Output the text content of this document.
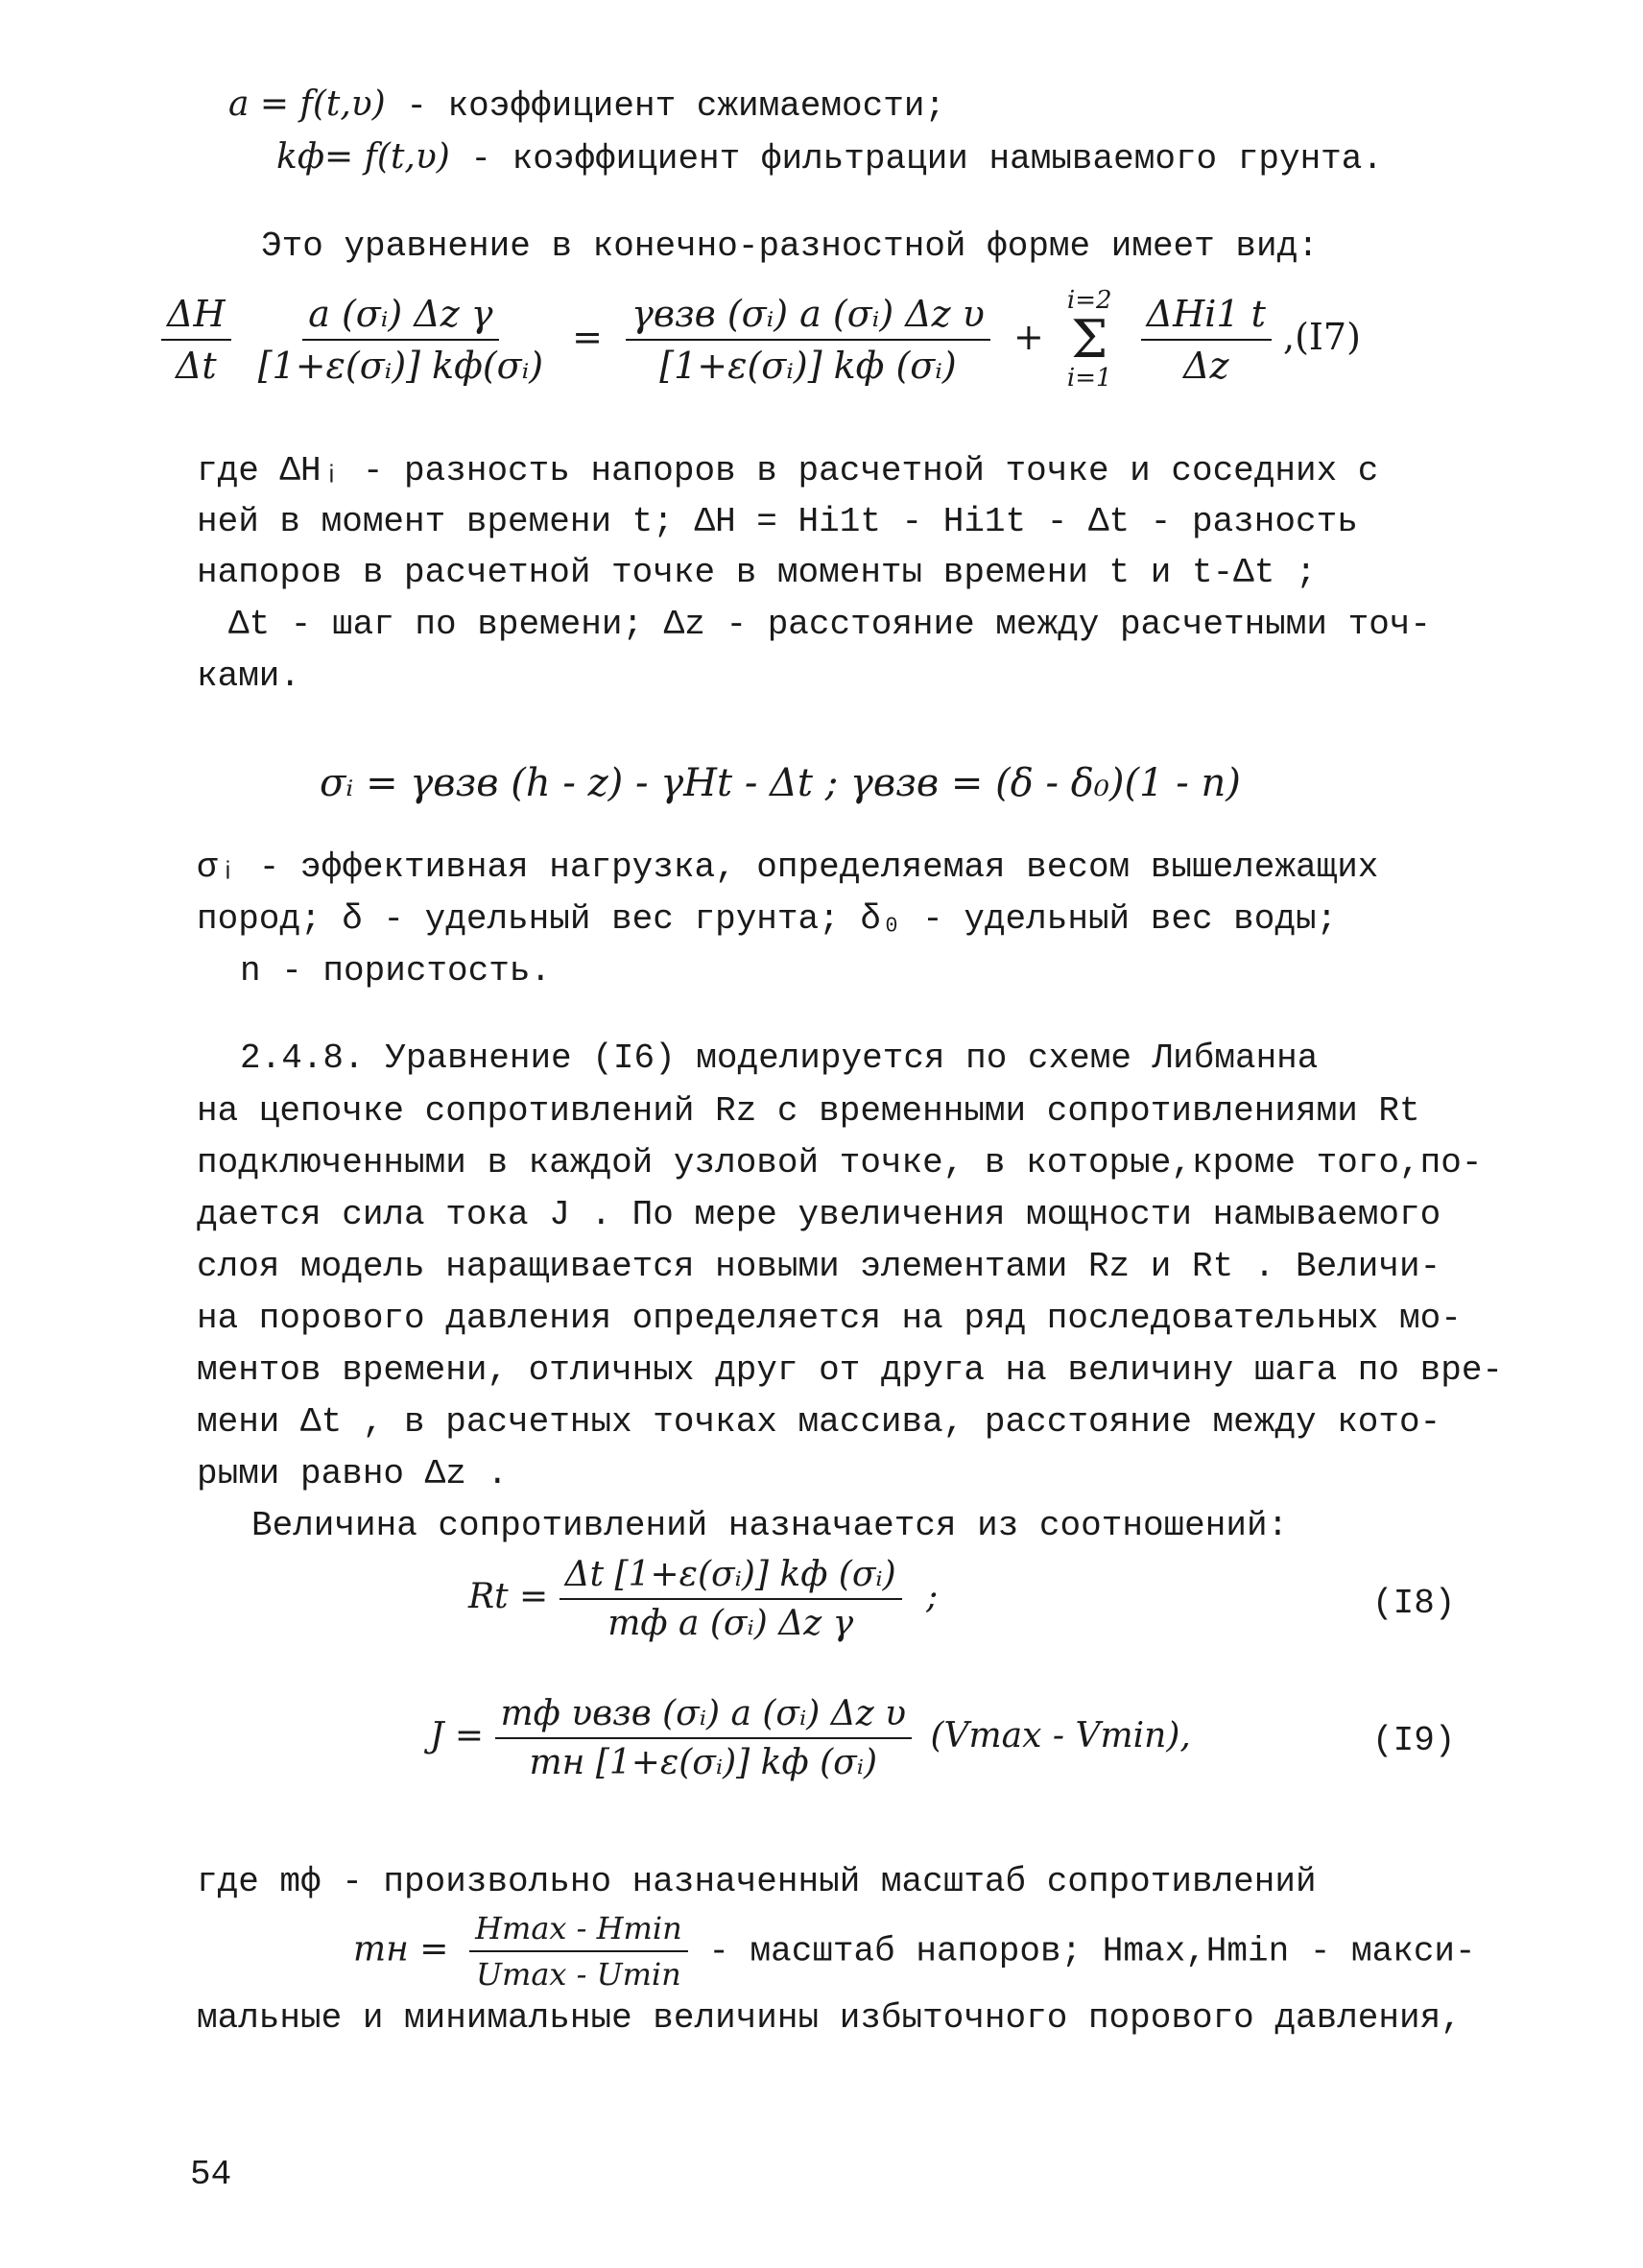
a = f(t,υ) - коэффициент сжимаемости;
kф= f(t,υ) - коэффициент фильтрации намываемого грунта.
Это уравнение в конечно-разностной форме имеет вид:
$\frac{\Delta H}{\Delta t}$
$\frac{\text{a (σᵢ) Δz γ}}{\text{[1+ε(σᵢ)] kф(σᵢ)}} = \frac{\text{γвзв (σᵢ) a (σᵢ) Δz υ}}{\text{[1+ε(σᵢ)] kф (σᵢ)}}$ +
i=2
Σ
i=1
$\frac{\text{ΔHi1 t}}{\Delta z} ,(I7)$
где ΔHᵢ - разность напоров в расчетной точке и соседних с
ней в момент времени t; ΔH = Hi1t - Hi1t - Δt - разность
напоров в расчетной точке в моменты времени t и t-Δt ;
Δt - шаг по времени; Δz - расстояние между расчетными точ-
ками.
σᵢ = γвзв (h - z) - γHt - Δt ; γвзв = (δ - δ₀)(1 - n)
σᵢ - эффективная нагрузка, определяемая весом вышележащих
пород; δ - удельный вес грунта; δ₀ - удельный вес воды;
n - пористость.
2.4.8. Уравнение (I6) моделируется по схеме Либманна
на цепочке сопротивлений Rz с временными сопротивлениями Rt
подключенными в каждой узловой точке, в которые,кроме того,по-
дается сила тока J . По мере увеличения мощности намываемого
слоя модель наращивается новыми элементами Rz и Rt . Величи-
на порового давления определяется на ряд последовательных мо-
ментов времени, отличных друг от друга на величину шага по вре-
мени Δt , в расчетных точках массива, расстояние между кото-
рыми равно Δz .
Величина сопротивлений назначается из соотношений:
$Rt = \frac{\text{Δt [1+ε(σᵢ)] kф (σᵢ)}}{\text{mф a (σᵢ) Δz γ}}$ ;	(I8)
$J = \frac{\text{mф υвзв (σᵢ) a (σᵢ) Δz υ}}{\text{mн [1+ε(σᵢ)] kф (σᵢ)}} (Vmax - Vmin)$,	(I9)
где mф - произвольно назначенный масштаб сопротивлений
mн = $\frac{Hmax - Hmin}{Umax - Umin}$ - масштаб напоров; Hmax,Hmin - макси-
мальные и минимальные величины избыточного порового давления,
54
